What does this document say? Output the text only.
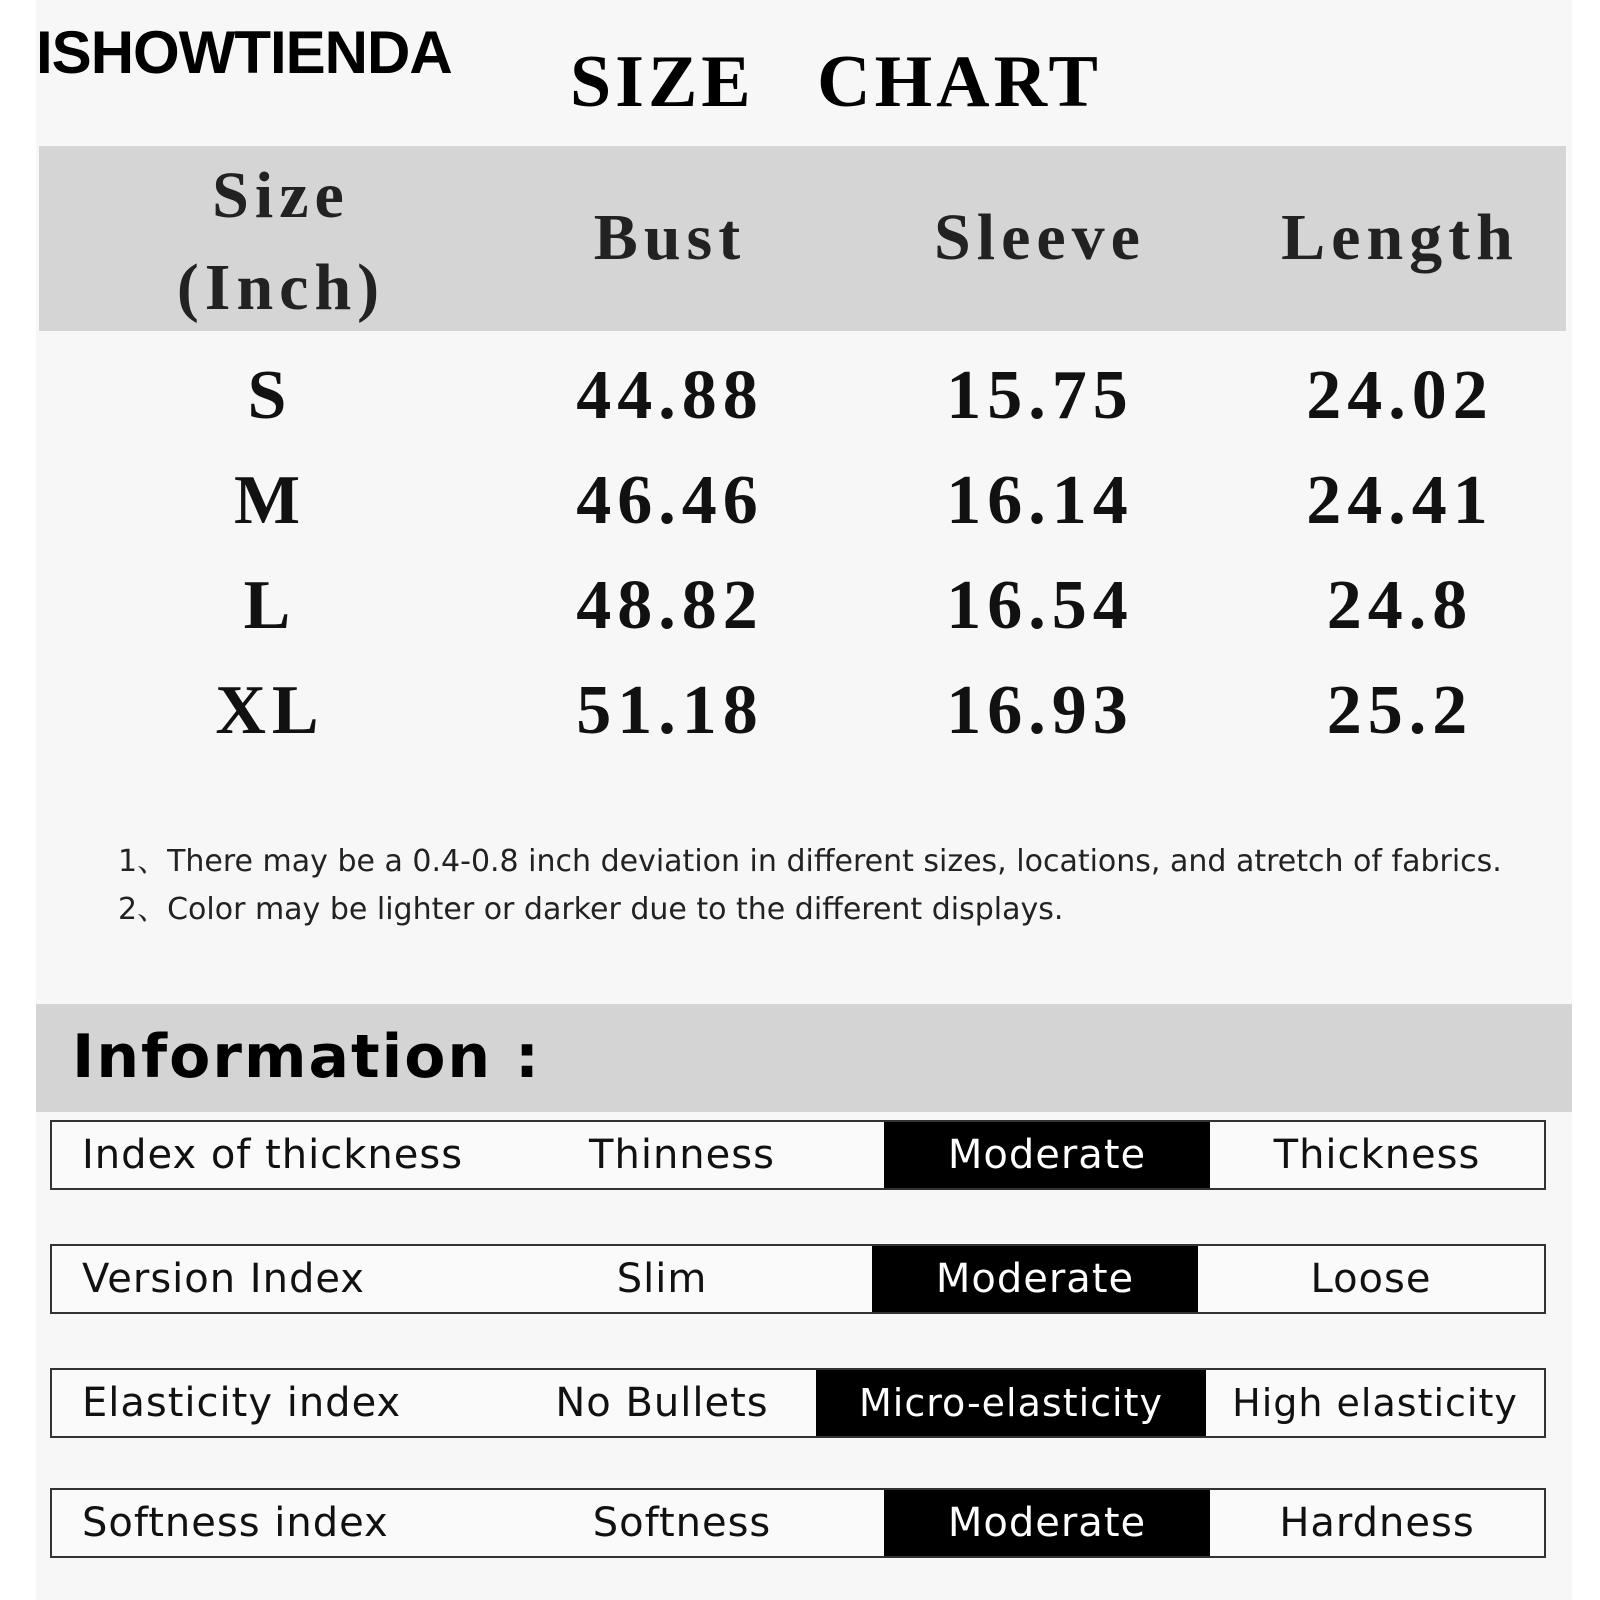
ISHOWTIENDA SIZE CHART
Size
(Inch)
Bust	Sleeve	Length
S	44.88	15.75	24.02
M	46.46	16.14	24.41
L	48.82	16.54	24.8
XL	51.18	16.93	25.2
1、There may be a 0.4-0.8 inch deviation in different sizes, locations, and atretch of fabrics.
2、Color may be lighter or darker due to the different displays.
Information :
Index of thickness	Thinness	Moderate	Thickness
Version Index	Slim	Moderate	Loose
Elasticity index	No Bullets	Micro-elasticity	High elasticity
Softness index	Softness	Moderate	Hardness
